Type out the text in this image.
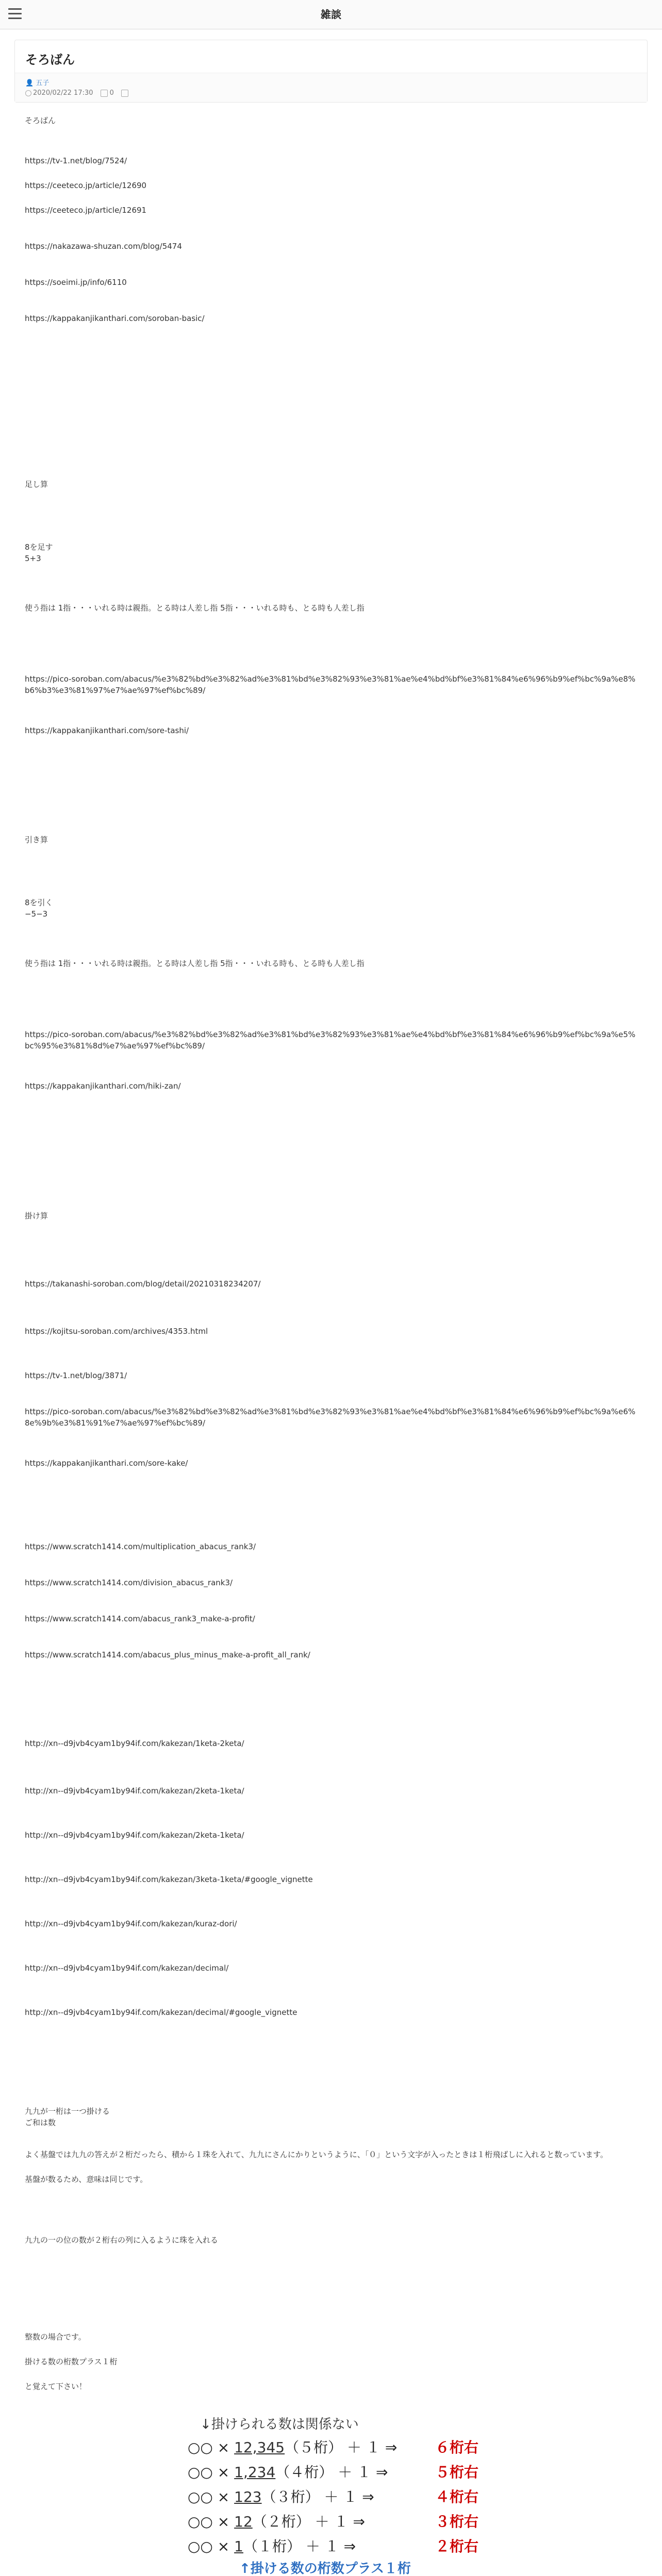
雑談
そろばん
👤 五子
2020/02/22 17:30 0

そろばん

https://tv-1.net/blog/7524/
https://ceeteco.jp/article/12690
https://ceeteco.jp/article/12691
https://nakazawa-shuzan.com/blog/5474
https://soeimi.jp/info/6110
https://kappakanjikanthari.com/soroban-basic/

足し算

8を足す
5+3

使う指は 1指・・・いれる時は親指。とる時は人差し指 5指・・・いれる時も、とる時も人差し指

https://pico-soroban.com/abacus/%e3%82%bd%e3%82%ad%e3%81%bd%e3%82%93%e3%81%ae%e4%bd%bf%e3%81%84%e6%96%b9%ef%bc%9a%e8%b6%b3%e3%81%97%e7%ae%97%ef%bc%89/
https://kappakanjikanthari.com/sore-tashi/

引き算

8を引く
−5−3

使う指は 1指・・・いれる時は親指。とる時は人差し指 5指・・・いれる時も、とる時も人差し指

https://pico-soroban.com/abacus/%e3%82%bd%e3%82%ad%e3%81%bd%e3%82%93%e3%81%ae%e4%bd%bf%e3%81%84%e6%96%b9%ef%bc%9a%e5%bc%95%e3%81%8d%e7%ae%97%ef%bc%89/
https://kappakanjikanthari.com/hiki-zan/

掛け算

https://takanashi-soroban.com/blog/detail/20210318234207/
https://kojitsu-soroban.com/archives/4353.html
https://tv-1.net/blog/3871/
https://pico-soroban.com/abacus/%e3%82%bd%e3%82%ad%e3%81%bd%e3%82%93%e3%81%ae%e4%bd%bf%e3%81%84%e6%96%b9%ef%bc%9a%e6%8e%9b%e3%81%91%e7%ae%97%ef%bc%89/
https://kappakanjikanthari.com/sore-kake/
https://www.scratch1414.com/multiplication_abacus_rank3/
https://www.scratch1414.com/division_abacus_rank3/
https://www.scratch1414.com/abacus_rank3_make-a-profit/
https://www.scratch1414.com/abacus_plus_minus_make-a-profit_all_rank/
http://xn--d9jvb4cyam1by94if.com/kakezan/1keta-2keta/
http://xn--d9jvb4cyam1by94if.com/kakezan/2keta-1keta/
http://xn--d9jvb4cyam1by94if.com/kakezan/2keta-1keta/
http://xn--d9jvb4cyam1by94if.com/kakezan/3keta-1keta/#google_vignette
http://xn--d9jvb4cyam1by94if.com/kakezan/kuraz-dori/
http://xn--d9jvb4cyam1by94if.com/kakezan/decimal/
http://xn--d9jvb4cyam1by94if.com/kakezan/decimal/#google_vignette

九九が一桁は一つ掛ける
ご和は数

よく基盤では九九の答えが２桁だったら、積から１珠を入れて、九九にさんにかりというように、「０」という文字が入ったときは１桁飛ばしに入れると数っています。

基盤が数るため、意味は同じです。

九九の一の位の数が２桁右の列に入るように珠を入れる

整数の場合です。

掛ける数の桁数プラス１桁

と覚えて下さい！

↓掛けられる数は関係ない
○○ × 12,345（５桁） ＋ １ ⇒	６桁右
○○ × 1,234（４桁） ＋ １ ⇒	５桁右
○○ × 123（３桁） ＋ １ ⇒	４桁右
○○ × 12（２桁） ＋ １ ⇒	３桁右
○○ × 1（１桁） ＋ １ ⇒	２桁右
↑掛ける数の桁数プラス１桁
